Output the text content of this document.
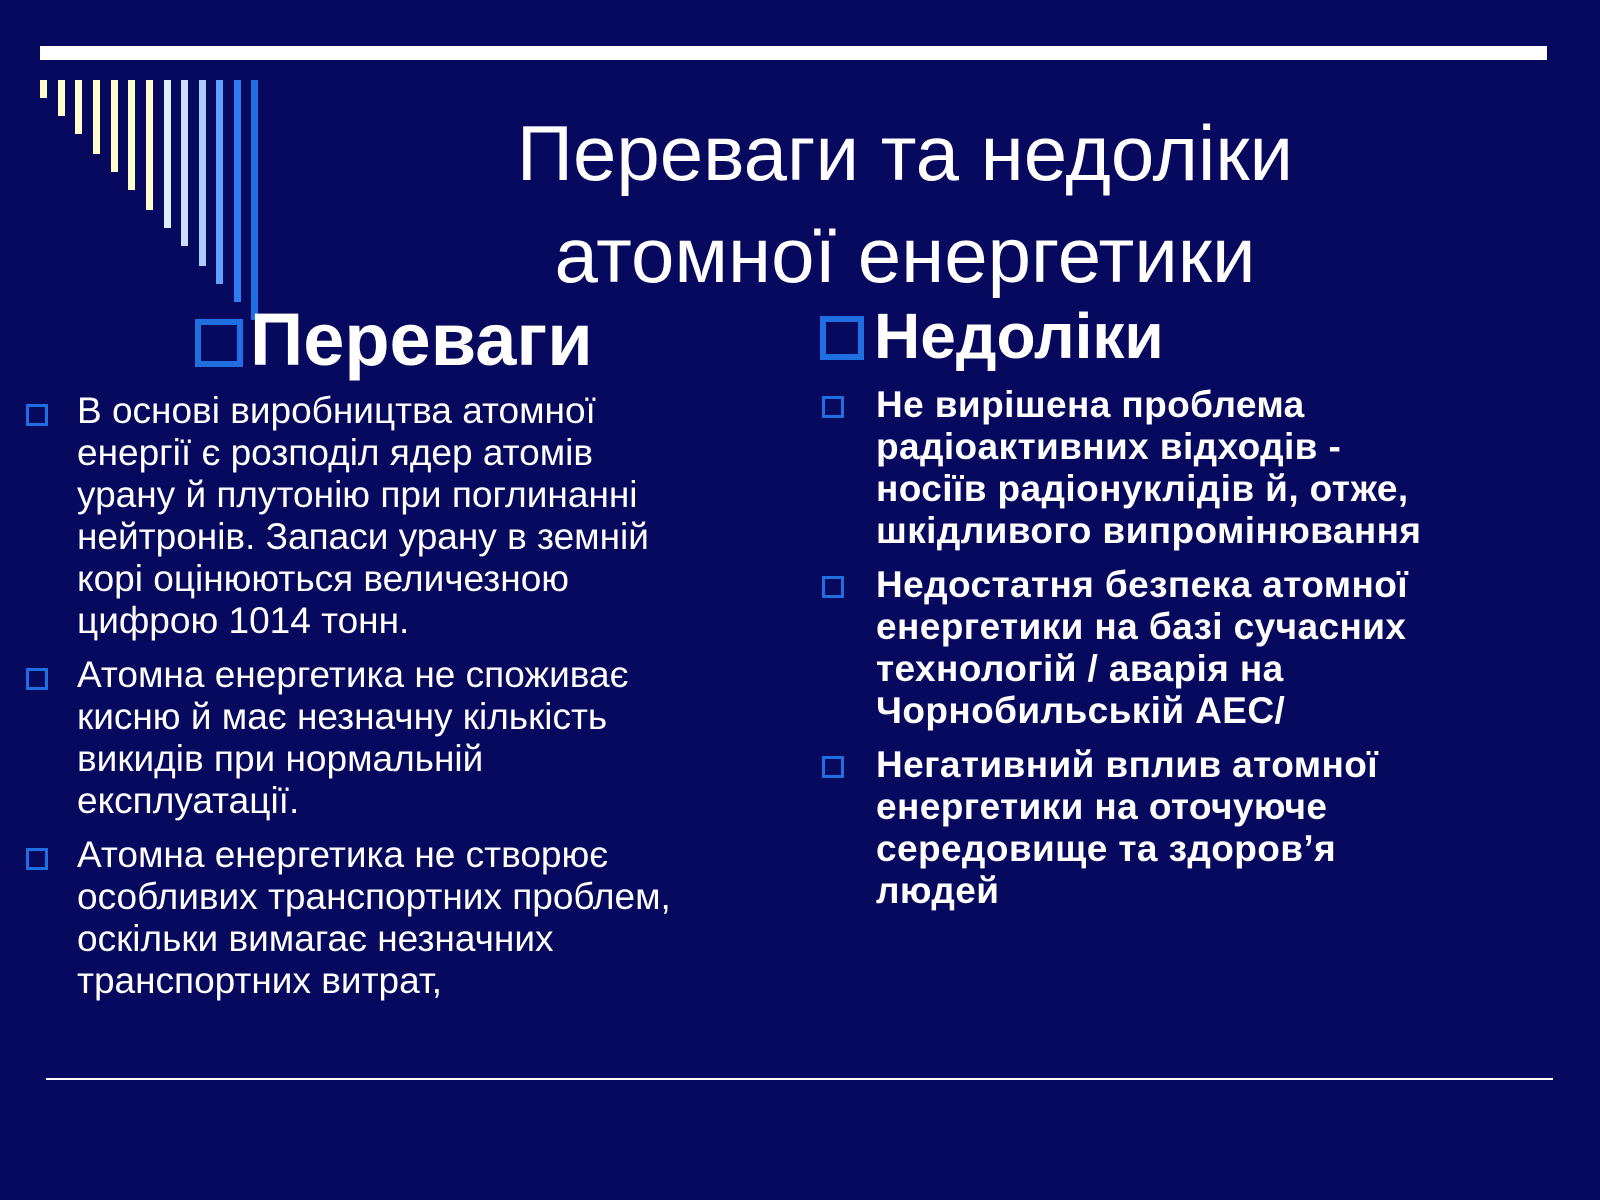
Переваги та недоліки
атомної енергетики
Переваги
В основі виробництва атомної
енергії є розподіл ядер атомів
урану й плутонію при поглинанні
нейтронів. Запаси урану в земній
корі оцінюються величезною
цифрою 1014 тонн.
Атомна енергетика не споживає
кисню й має незначну кількість
викидів при нормальній
експлуатації.
Атомна енергетика не створює
особливих транспортних проблем,
оскільки вимагає незначних
транспортних витрат,
Недоліки
Не вирішена проблема
радіоактивних відходів -
носіїв радіонуклідів й, отже,
шкідливого випромінювання
Недостатня безпека атомної
енергетики на базі сучасних
технологій / аварія на
Чорнобильській АЕС/
Негативний вплив атомної
енергетики на оточуюче
середовище та здоров’я
людей
